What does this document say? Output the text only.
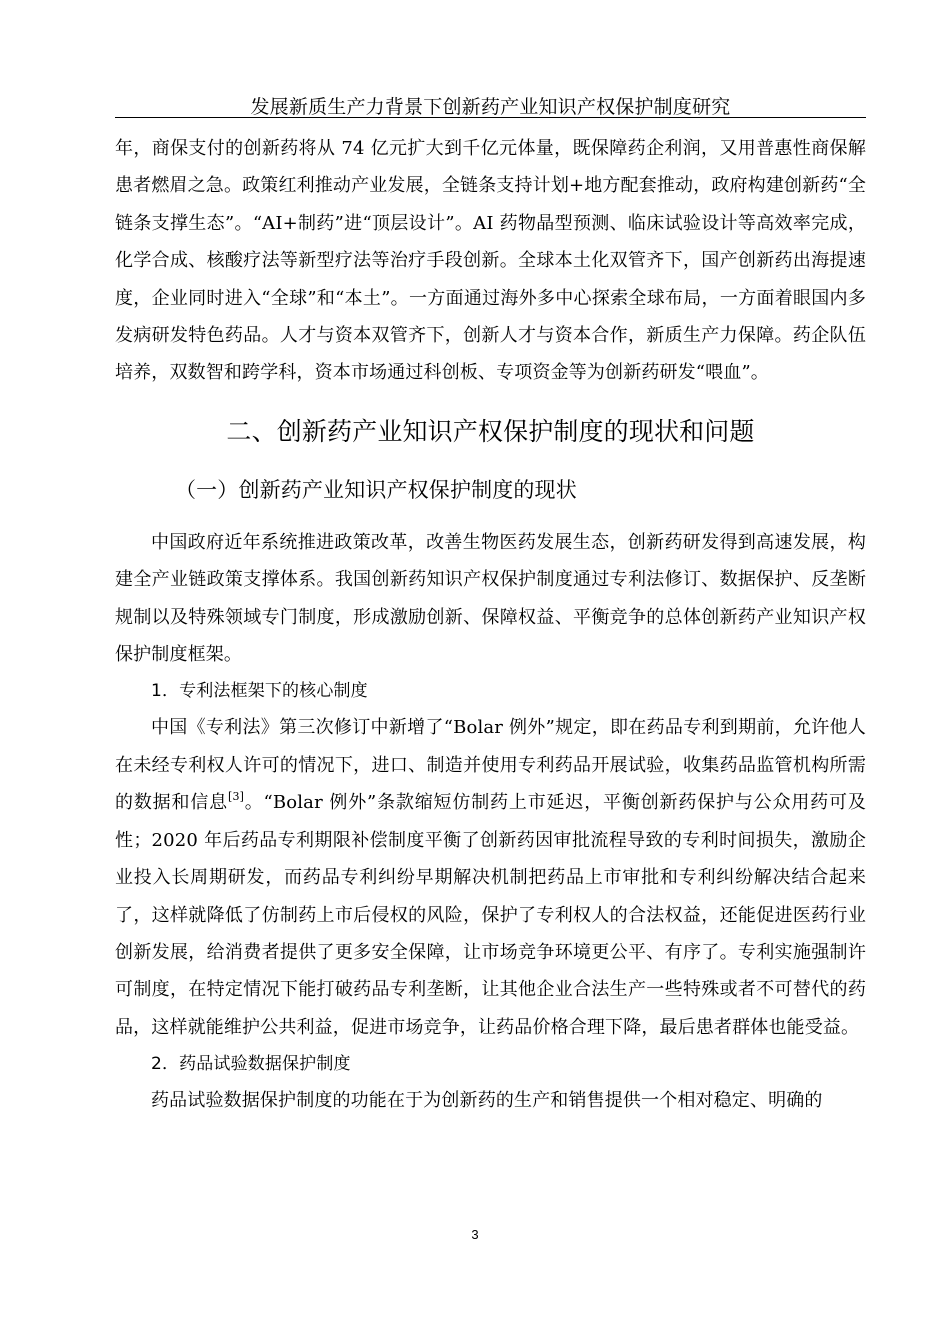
发展新质生产力背景下创新药产业知识产权保护制度研究

年，商保支付的创新药将从 74 亿元扩大到千亿元体量，既保障药企利润，又用普惠性商保解患者燃眉之急。政策红利推动产业发展，全链条支持计划+地方配套推动，政府构建创新药“全链条支撑生态”。“AI+制药”进“顶层设计”。AI 药物晶型预测、临床试验设计等高效率完成，化学合成、核酸疗法等新型疗法等治疗手段创新。全球本土化双管齐下，国产创新药出海提速度，企业同时进入“全球”和“本土”。一方面通过海外多中心探索全球布局，一方面着眼国内多发病研发特色药品。人才与资本双管齐下，创新人才与资本合作，新质生产力保障。药企队伍培养，双数智和跨学科，资本市场通过科创板、专项资金等为创新药研发“喂血”。

二、创新药产业知识产权保护制度的现状和问题
（一）创新药产业知识产权保护制度的现状

中国政府近年系统推进政策改革，改善生物医药发展生态，创新药研发得到高速发展，构建全产业链政策支撑体系。我国创新药知识产权保护制度通过专利法修订、数据保护、反垄断规制以及特殊领域专门制度，形成激励创新、保障权益、平衡竞争的总体创新药产业知识产权保护制度框架。

1．专利法框架下的核心制度

中国《专利法》第三次修订中新增了“Bolar 例外”规定，即在药品专利到期前，允许他人在未经专利权人许可的情况下，进口、制造并使用专利药品开展试验，收集药品监管机构所需的数据和信息[3]。“Bolar 例外”条款缩短仿制药上市延迟，平衡创新药保护与公众用药可及性；2020 年后药品专利期限补偿制度平衡了创新药因审批流程导致的专利时间损失，激励企业投入长周期研发，而药品专利纠纷早期解决机制把药品上市审批和专利纠纷解决结合起来了，这样就降低了仿制药上市后侵权的风险，保护了专利权人的合法权益，还能促进医药行业创新发展，给消费者提供了更多安全保障，让市场竞争环境更公平、有序了。专利实施强制许可制度，在特定情况下能打破药品专利垄断，让其他企业合法生产一些特殊或者不可替代的药品，这样就能维护公共利益，促进市场竞争，让药品价格合理下降，最后患者群体也能受益。

2．药品试验数据保护制度

药品试验数据保护制度的功能在于为创新药的生产和销售提供一个相对稳定、明确的

3
